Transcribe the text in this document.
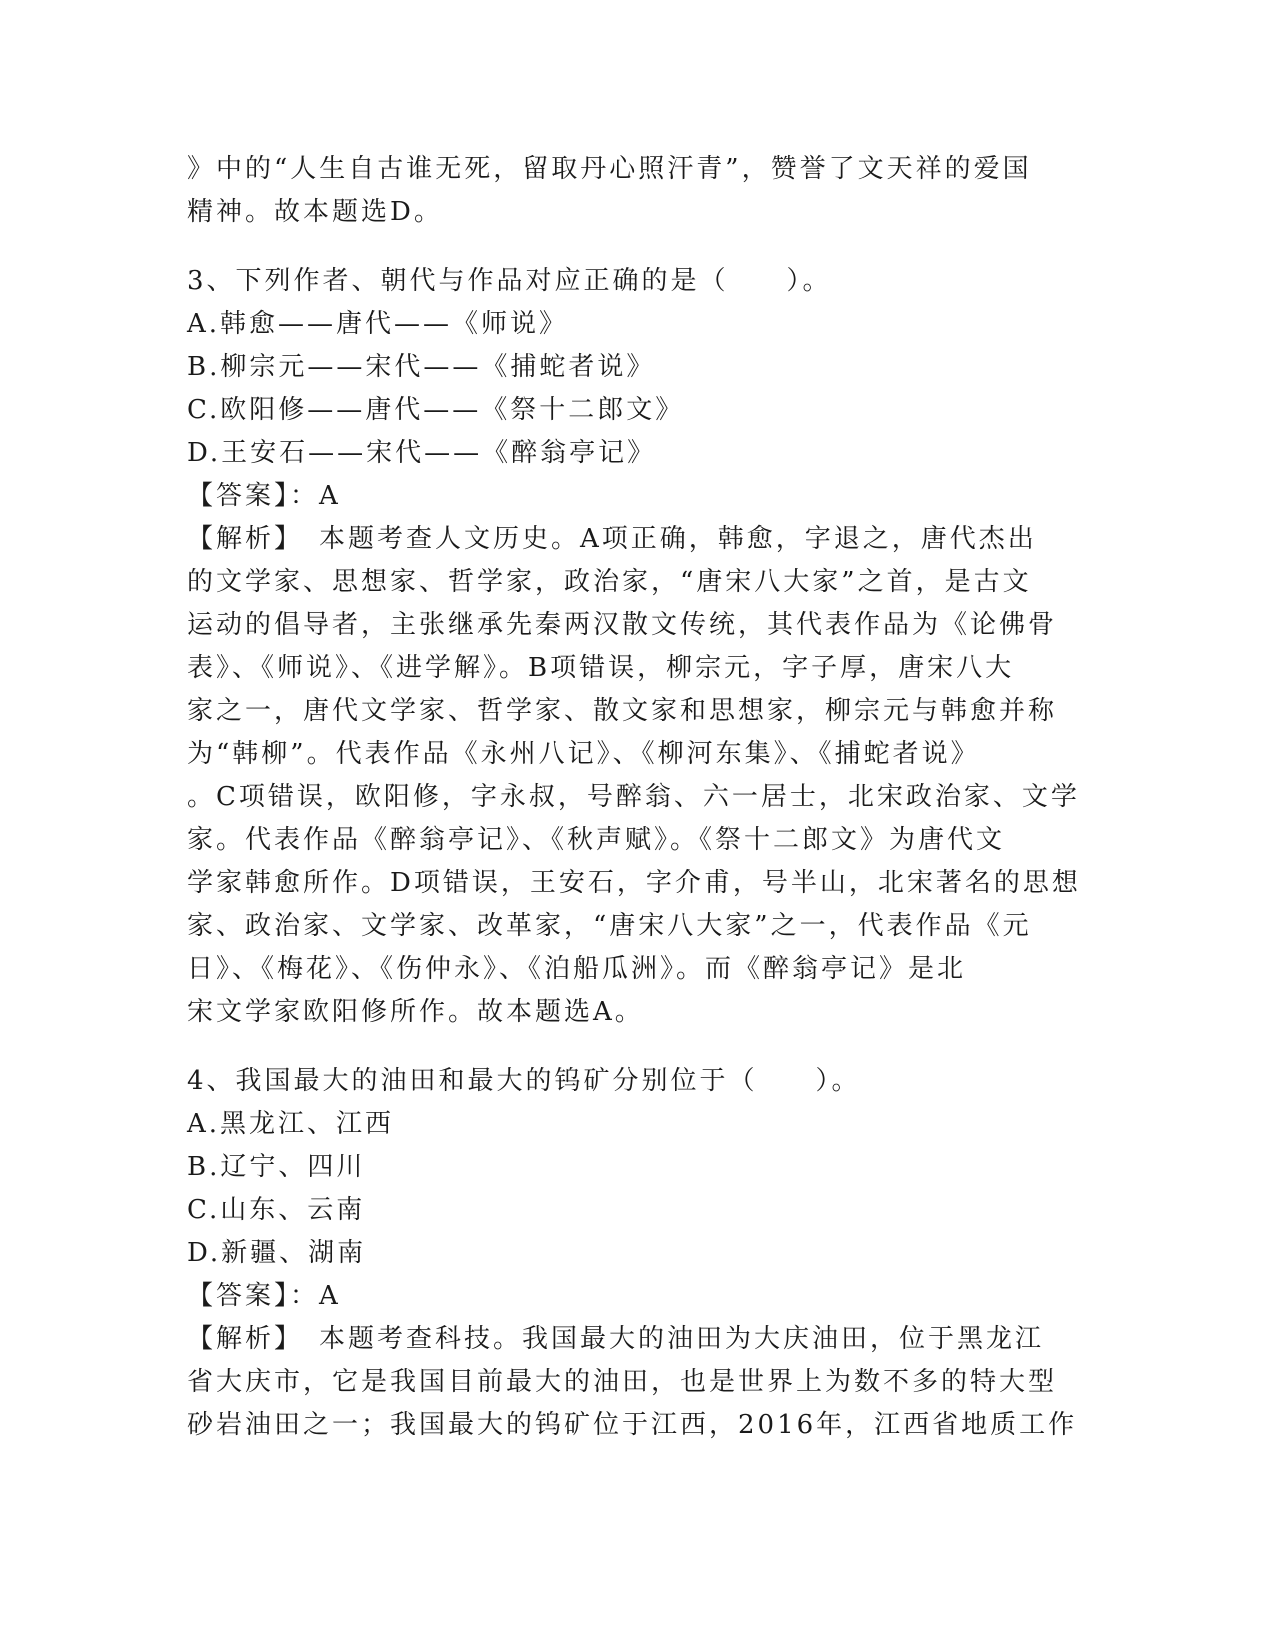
》中的“人生自古谁无死，留取丹心照汗青”，赞誉了文天祥的爱国
精神。故本题选D。
3、下列作者、朝代与作品对应正确的是（　　）。
A.韩愈——唐代——《师说》
B.柳宗元——宋代——《捕蛇者说》
C.欧阳修——唐代——《祭十二郎文》
D.王安石——宋代——《醉翁亭记》
【答案】：A
【解析】　本题考查人文历史。A项正确，韩愈，字退之，唐代杰出
的文学家、思想家、哲学家，政治家，“唐宋八大家”之首，是古文
运动的倡导者，主张继承先秦两汉散文传统，其代表作品为《论佛骨
表》、《师说》、《进学解》。B项错误，柳宗元，字子厚，唐宋八大
家之一，唐代文学家、哲学家、散文家和思想家，柳宗元与韩愈并称
为“韩柳”。代表作品《永州八记》、《柳河东集》、《捕蛇者说》
。C项错误，欧阳修，字永叔，号醉翁、六一居士，北宋政治家、文学
家。代表作品《醉翁亭记》、《秋声赋》。《祭十二郎文》为唐代文
学家韩愈所作。D项错误，王安石，字介甫，号半山，北宋著名的思想
家、政治家、文学家、改革家，“唐宋八大家”之一，代表作品《元
日》、《梅花》、《伤仲永》、《泊船瓜洲》。而《醉翁亭记》是北
宋文学家欧阳修所作。故本题选A。
4、我国最大的油田和最大的钨矿分别位于（　　）。
A.黑龙江、江西
B.辽宁、四川
C.山东、云南
D.新疆、湖南
【答案】：A
【解析】　本题考查科技。我国最大的油田为大庆油田，位于黑龙江
省大庆市，它是我国目前最大的油田，也是世界上为数不多的特大型
砂岩油田之一；我国最大的钨矿位于江西，2016年，江西省地质工作
